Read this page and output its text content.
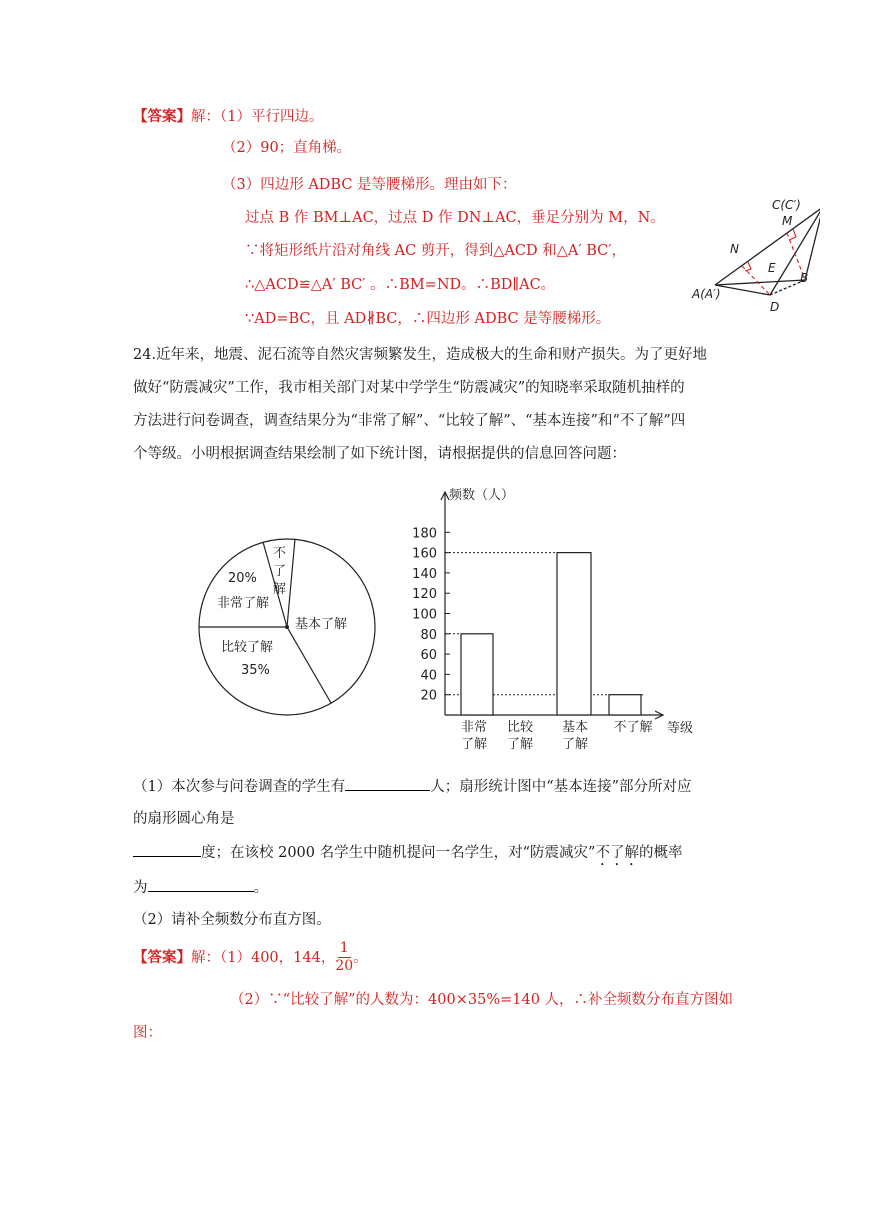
【答案】解：（1）平行四边。
（2）90；直角梯。
（3）四边形 ADBC 是等腰梯形。理由如下：
过点 B 作 BM⊥AC，过点 D 作 DN⊥AC，垂足分别为 M，N。
∵将矩形纸片沿对角线 AC 剪开，得到△ACD 和△A′ BC′，
∴△ACD≌△A′ BC′ 。∴BM=ND。∴BD∥AC。
∵AD=BC，且 AD∦BC，∴四边形 ADBC 是等腰梯形。
C(C′)
M
N
E
B
A(A′)
D
24.近年来，地震、泥石流等自然灾害频繁发生，造成极大的生命和财产损失。为了更好地
做好“防震减灾”工作，我市相关部门对某中学学生“防震减灾”的知晓率采取随机抽样的
方法进行问卷调查，调查结果分为“非常了解”、“比较了解”、“基本连接”和“不了解”四
个等级。小明根据调查结果绘制了如下统计图，请根据提供的信息回答问题：
不
了
解
20%
非常了解
比较了解
35%
基本了解
频数（人）
等级
20
40
60
80
100
120
140
160
180
非常
了解
比较
了解
基本
了解
不了解
（1）本次参与问卷调查的学生有	人；扇形统计图中“基本连接”部分所对应
的扇形圆心角是
度；在该校 2000 名学生中随机提问一名学生，对“防震减灾”不了解的概率
为	。
（2）请补全频数分布直方图。
【答案】 解：（1）400，144， $\frac{1}{20}$ 。
（2）∵“比较了解”的人数为：400×35%=140 人，∴补全频数分布直方图如
图：
